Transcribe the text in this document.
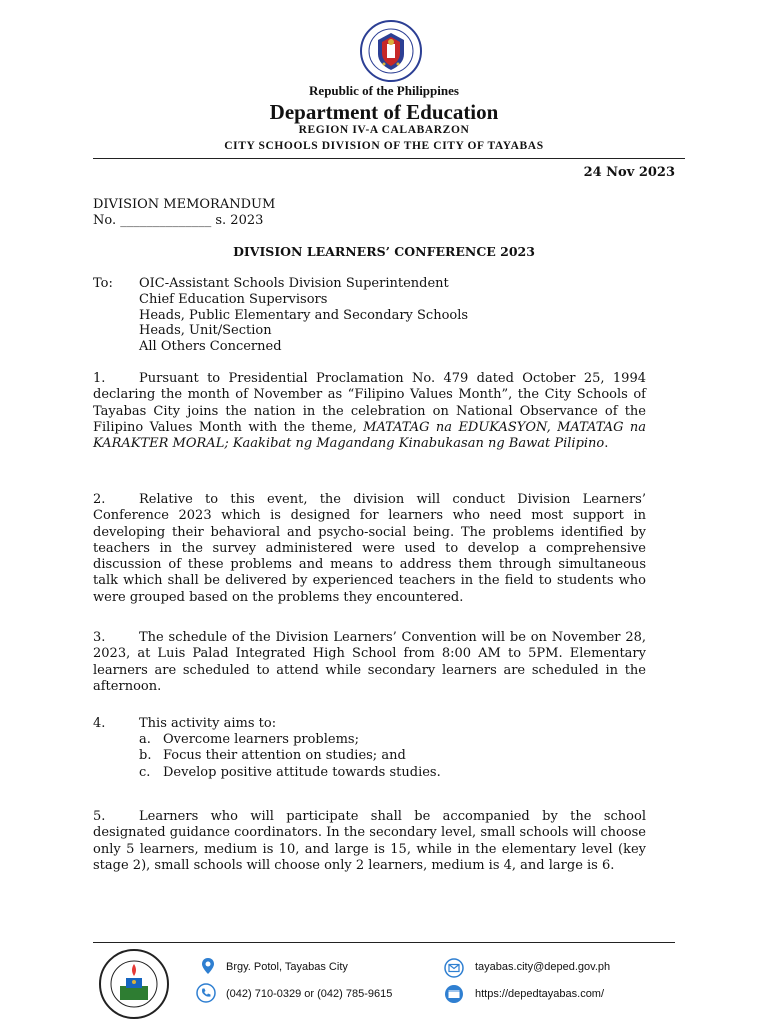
Republic of the Philippines
Department of Education
REGION IV-A CALABARZON
CITY SCHOOLS DIVISION OF THE CITY OF TAYABAS
24 Nov 2023
DIVISION MEMORANDUM
No. ______________ s. 2023
DIVISION LEARNERS’ CONFERENCE 2023
To: OIC-Assistant Schools Division Superintendent
Chief Education Supervisors
Heads, Public Elementary and Secondary Schools
Heads, Unit/Section
All Others Concerned

1.	Pursuant to Presidential Proclamation No. 479 dated October 25, 1994 declaring the month of November as “Filipino Values Month”, the City Schools of Tayabas City joins the nation in the celebration on National Observance of the Filipino Values Month with the theme, MATATAG na EDUKASYON, MATATAG na KARAKTER MORAL; Kaakibat ng Magandang Kinabukasan ng Bawat Pilipino.

2.	Relative to this event, the division will conduct Division Learners’ Conference 2023 which is designed for learners who need most support in developing their behavioral and psycho-social being. The problems identified by teachers in the survey administered were used to develop a comprehensive discussion of these problems and means to address them through simultaneous talk which shall be delivered by experienced teachers in the field to students who were grouped based on the problems they encountered.

3.	The schedule of the Division Learners’ Convention will be on November 28, 2023, at Luis Palad Integrated High School from 8:00 AM to 5PM. Elementary learners are scheduled to attend while secondary learners are scheduled in the afternoon.

4.	This activity aims to:

a. Overcome learners problems;
b. Focus their attention on studies; and
c. Develop positive attitude towards studies.

5.	Learners who will participate shall be accompanied by the school designated guidance coordinators. In the secondary level, small schools will choose only 5 learners, medium is 10, and large is 15, while in the elementary level (key stage 2), small schools will choose only 2 learners, medium is 4, and large is 6.

Brgy. Potol, Tayabas City
(042) 710-0329 or (042) 785-9615
tayabas.city@deped.gov.ph
https://depedtayabas.com/
